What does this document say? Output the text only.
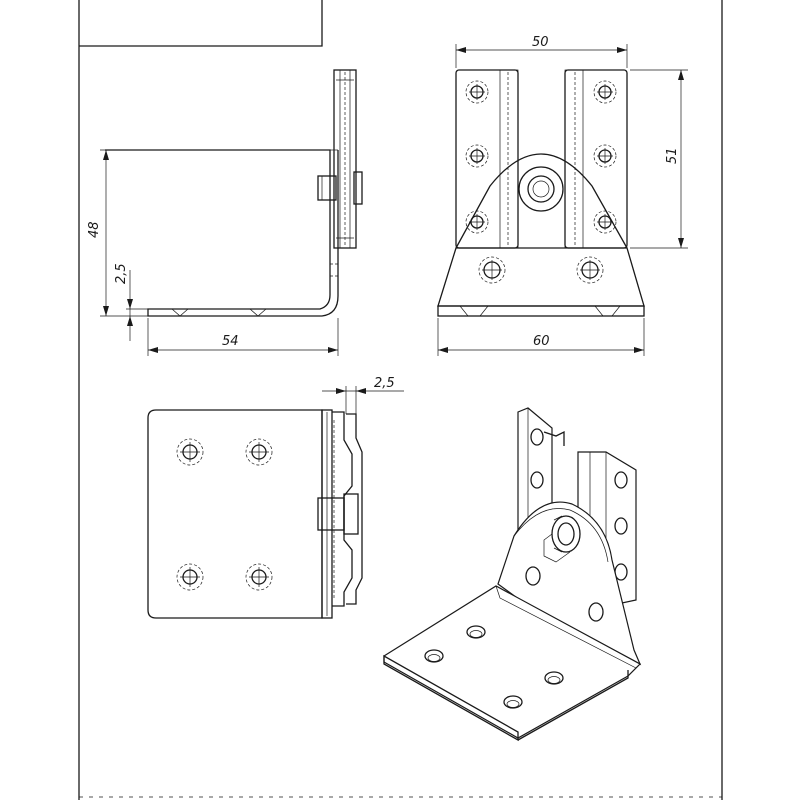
48
2,5
54
50
51
60
2,5
